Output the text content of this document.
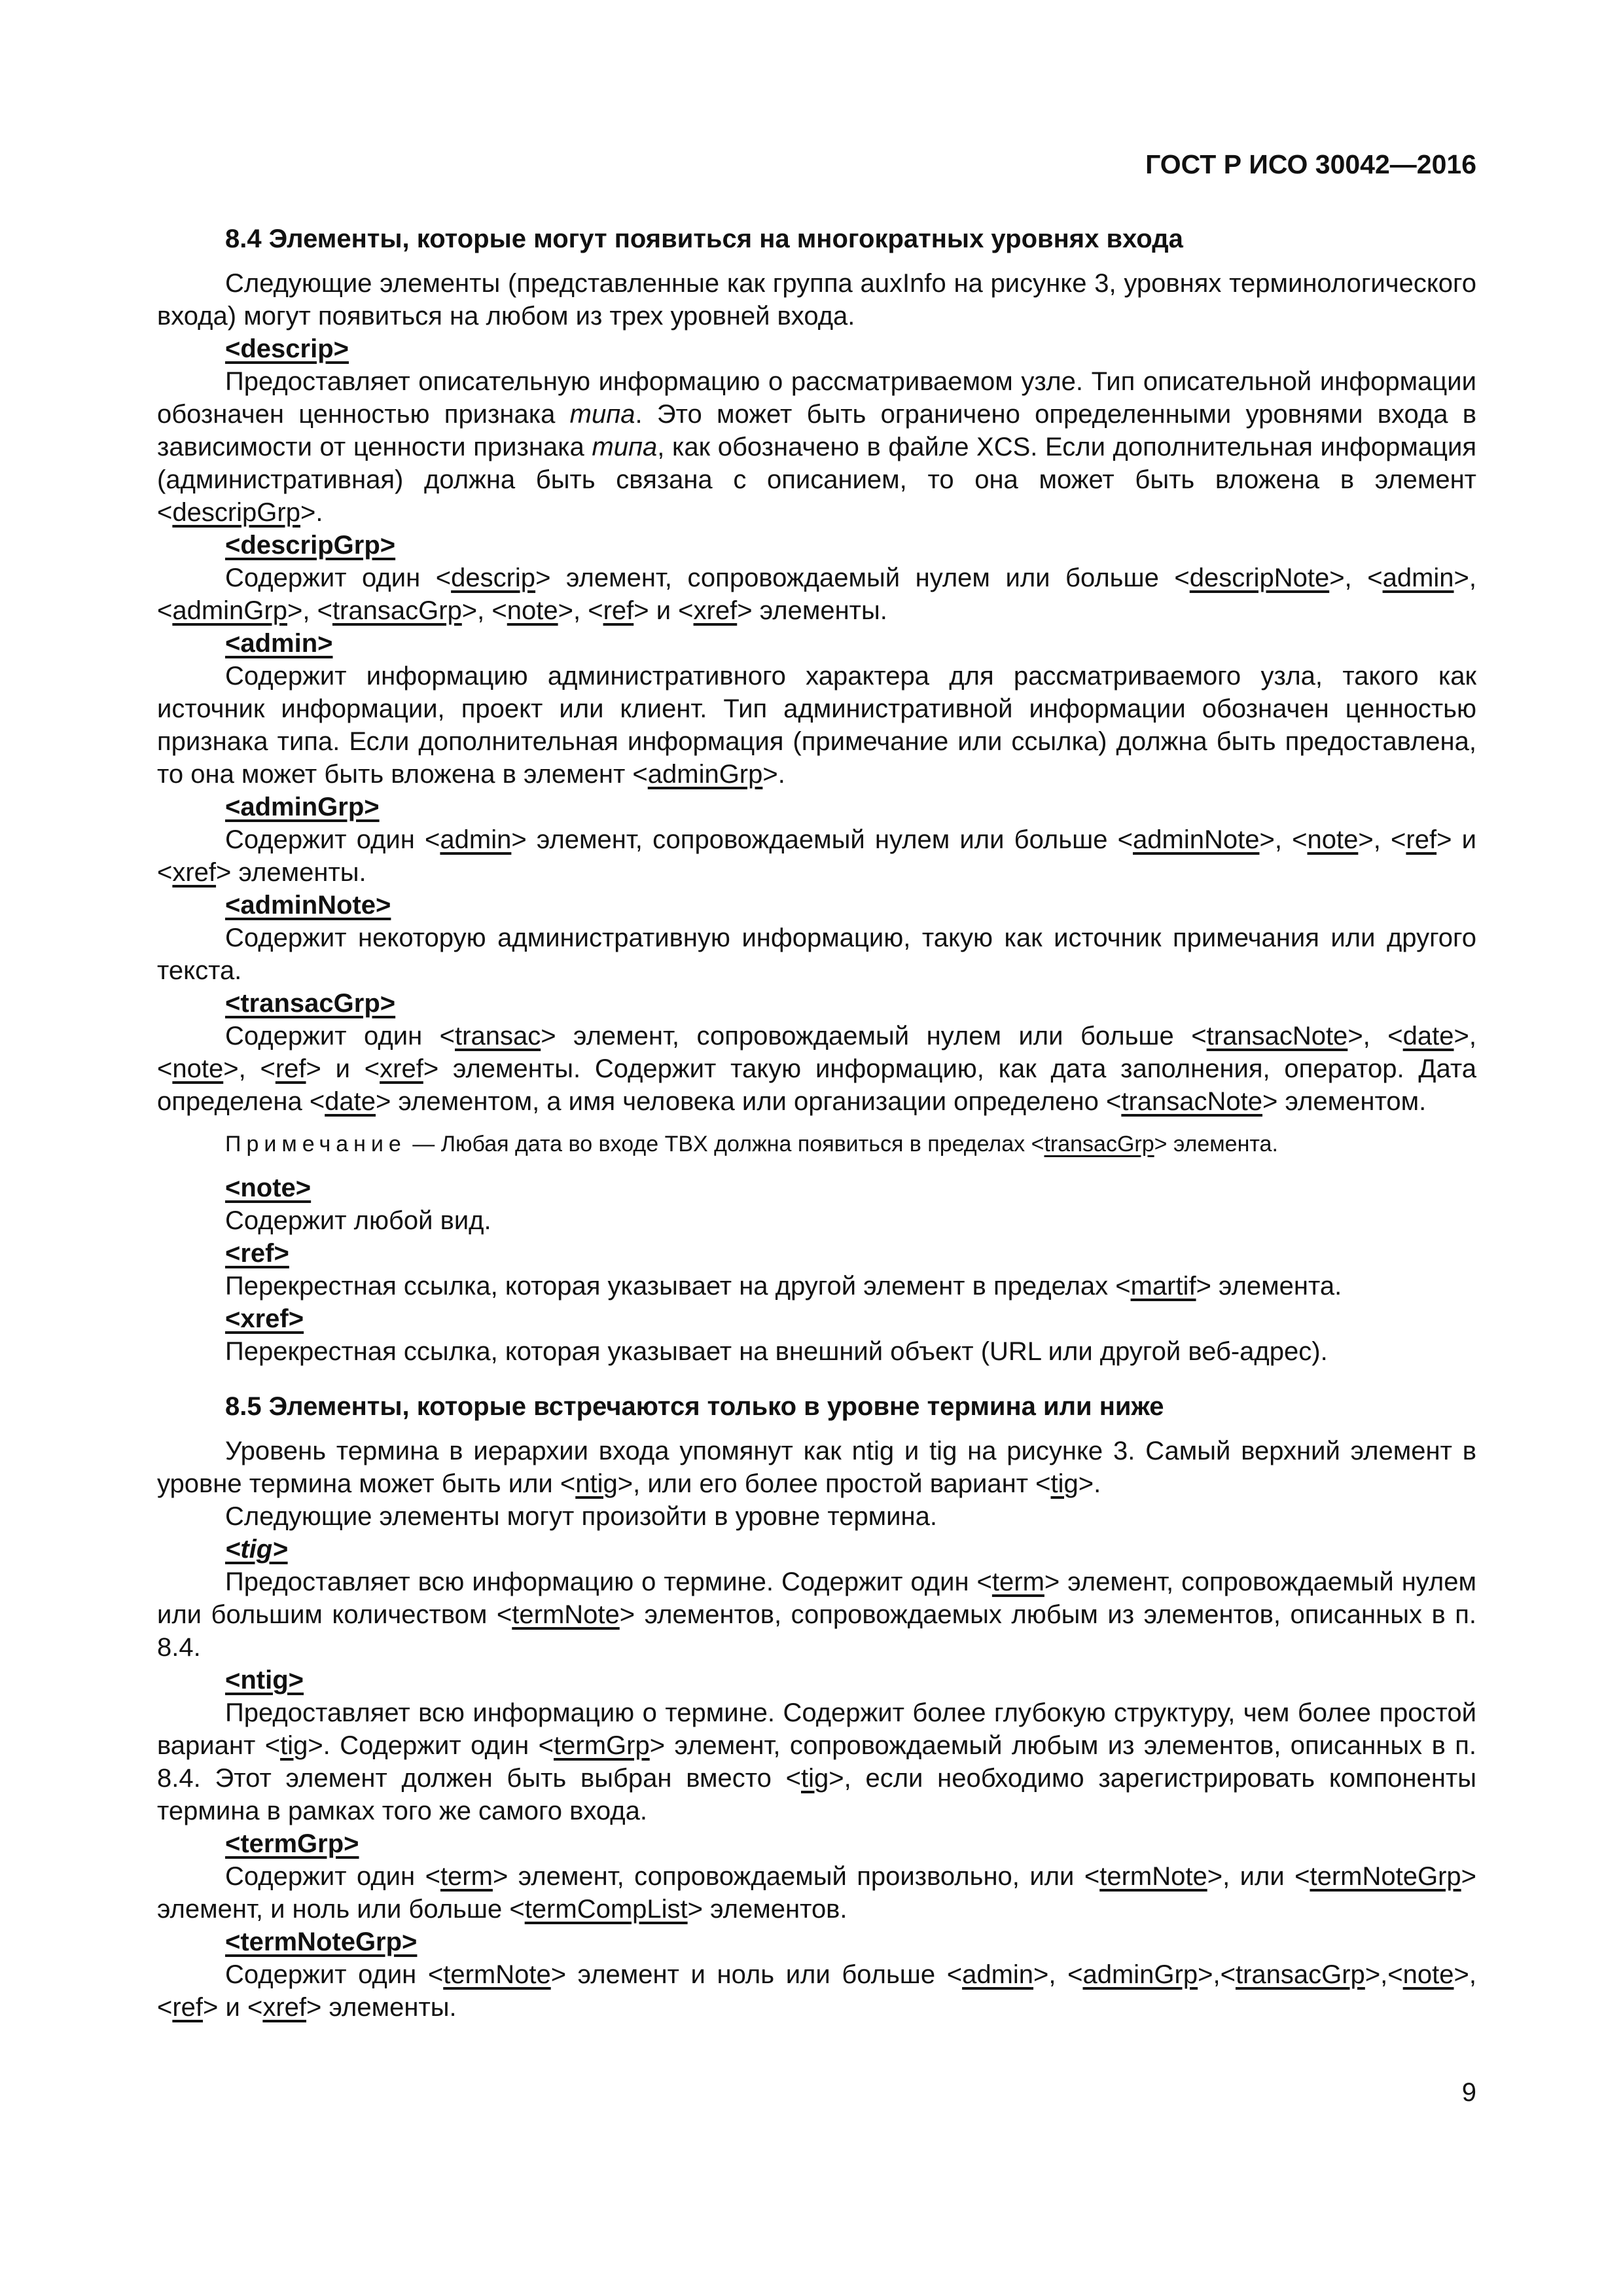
ГОСТ Р ИСО 30042—2016

8.4 Элементы, которые могут появиться на многократных уровнях входа

Следующие элементы (представленные как группа auxInfo на рисунке 3, уровнях терминологического входа) могут появиться на любом из трех уровней входа.

<descrip>

Предоставляет описательную информацию о рассматриваемом узле. Тип описательной информации обозначен ценностью признака типа. Это может быть ограничено определенными уровнями входа в зависимости от ценности признака типа, как обозначено в файле XCS. Если дополнительная информация (административная) должна быть связана с описанием, то она может быть вложена в элемент <descripGrp>.

<descripGrp>

Содержит один <descrip> элемент, сопровождаемый нулем или больше <descripNote>, <admin>, <adminGrp>, <transacGrp>, <note>, <ref> и <xref> элементы.

<admin>

Содержит информацию административного характера для рассматриваемого узла, такого как источник информации, проект или клиент. Тип административной информации обозначен ценностью признака типа. Если дополнительная информация (примечание или ссылка) должна быть предоставлена, то она может быть вложена в элемент <adminGrp>.

<adminGrp>

Содержит один <admin> элемент, сопровождаемый нулем или больше <adminNote>, <note>, <ref> и <xref> элементы.

<adminNote>

Содержит некоторую административную информацию, такую как источник примечания или другого текста.

<transacGrp>

Содержит один <transac> элемент, сопровождаемый нулем или больше <transacNote>, <date>, <note>, <ref> и <xref> элементы. Содержит такую информацию, как дата заполнения, оператор. Дата определена <date> элементом, а имя человека или организации определено <transacNote> элементом.

Примечание — Любая дата во входе TBX должна появиться в пределах <transacGrp> элемента.

<note>

Содержит любой вид.

<ref>

Перекрестная ссылка, которая указывает на другой элемент в пределах <martif> элемента.

<xref>

Перекрестная ссылка, которая указывает на внешний объект (URL или другой веб-адрес).

8.5 Элементы, которые встречаются только в уровне термина или ниже

Уровень термина в иерархии входа упомянут как ntig и tig на рисунке 3. Самый верхний элемент в уровне термина может быть или <ntig>, или его более простой вариант <tig>.

Следующие элементы могут произойти в уровне термина.

<tig>

Предоставляет всю информацию о термине. Содержит один <term> элемент, сопровождаемый нулем или большим количеством <termNote> элементов, сопровождаемых любым из элементов, описанных в п. 8.4.

<ntig>

Предоставляет всю информацию о термине. Содержит более глубокую структуру, чем более простой вариант <tig>. Содержит один <termGrp> элемент, сопровождаемый любым из элементов, описанных в п. 8.4. Этот элемент должен быть выбран вместо <tig>, если необходимо зарегистрировать компоненты термина в рамках того же самого входа.

<termGrp>

Содержит один <term> элемент, сопровождаемый произвольно, или <termNote>, или <termNoteGrp> элемент, и ноль или больше <termCompList> элементов.

<termNoteGrp>

Содержит один <termNote> элемент и ноль или больше <admin>, <adminGrp>,<transacGrp>,<note>, <ref> и <xref> элементы.

9
